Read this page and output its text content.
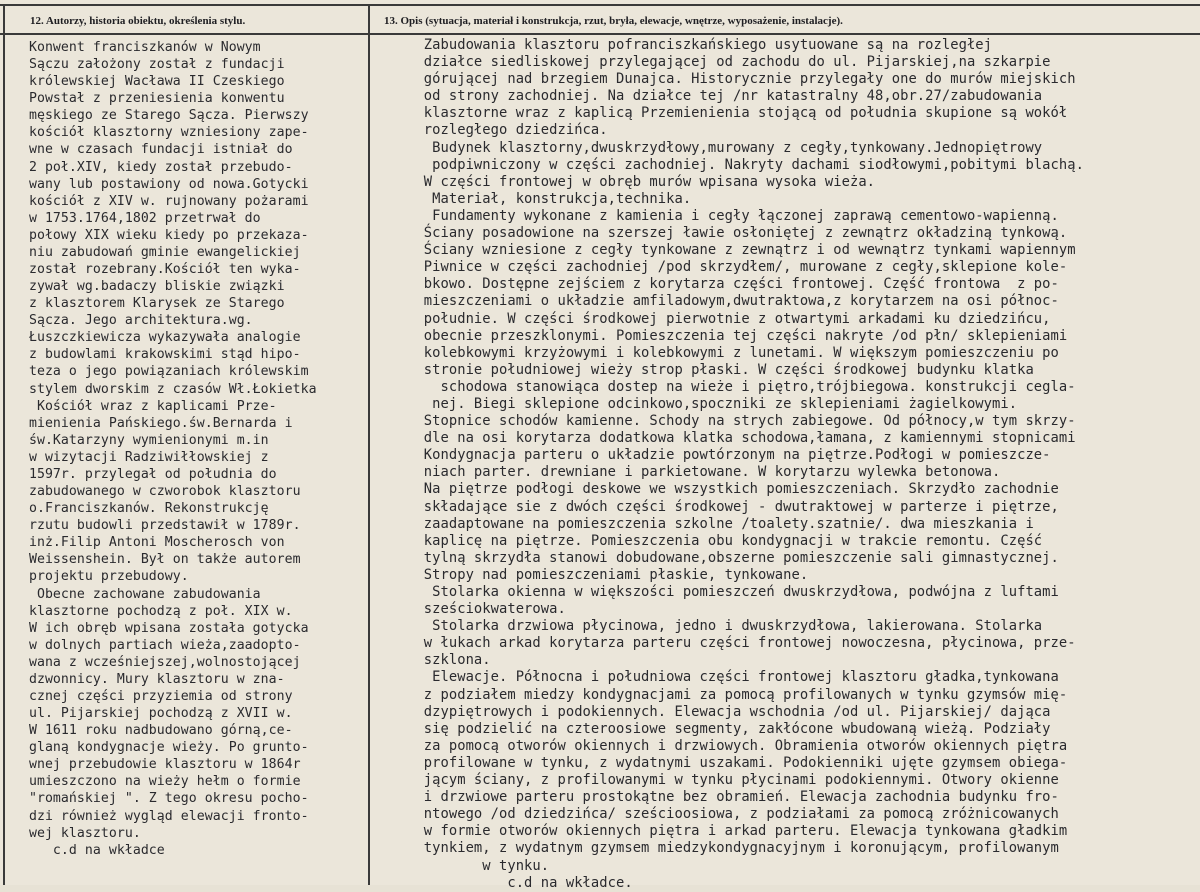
12. Autorzy, historia obiektu, określenia stylu.	13. Opis (sytuacja, materiał i konstrukcja, rzut, bryła, elewacje, wnętrze, wyposażenie, instalacje).
Konwent franciszkanów w Nowym
Sączu założony został z fundacji
królewskiej Wacława II Czeskiego
Powstał z przeniesienia konwentu
męskiego ze Starego Sącza. Pierwszy
kościół klasztorny wzniesiony zape-
wne w czasach fundacji istniał do
2 poł.XIV, kiedy został przebudo-
wany lub postawiony od nowa.Gotycki
kościół z XIV w. rujnowany pożarami
w 1753.1764,1802 przetrwał do
połowy XIX wieku kiedy po przekaza-
niu zabudowań gminie ewangelickiej
został rozebrany.Kościół ten wyka-
zywał wg.badaczy bliskie związki
z klasztorem Klarysek ze Starego
Sącza. Jego architektura.wg.
Łuszczkiewicza wykazywała analogie
z budowlami krakowskimi stąd hipo-
teza o jego powiązaniach królewskim
stylem dworskim z czasów Wł.Łokietka
Kościół wraz z kaplicami Prze-
mienienia Pańskiego.św.Bernarda i
św.Katarzyny wymienionymi m.in
w wizytacji Radziwiłłowskiej z
1597r. przylegał od południa do
zabudowanego w czworobok klasztoru
o.Franciszkanów. Rekonstrukcję
rzutu budowli przedstawił w 1789r.
inż.Filip Antoni Moscherosch von
Weissenshein. Był on także autorem
projektu przebudowy.
Obecne zachowane zabudowania
klasztorne pochodzą z poł. XIX w.
W ich obręb wpisana została gotycka
w dolnych partiach wieża,zaadopto-
wana z wcześniejszej,wolnostojącej
dzwonnicy. Mury klasztoru w zna-
cznej części przyziemia od strony
ul. Pijarskiej pochodzą z XVII w.
W 1611 roku nadbudowano górną,ce-
glaną kondygnacje wieży. Po grunto-
wnej przebudowie klasztoru w 1864r
umieszczono na wieży hełm o formie
"romańskiej ". Z tego okresu pocho-
dzi również wygląd elewacji fronto-
wej klasztoru.
c.d na wkładce
Zabudowania klasztoru pofranciszkańskiego usytuowane są na rozległej
działce siedliskowej przylegającej od zachodu do ul. Pijarskiej,na szkarpie
górującej nad brzegiem Dunajca. Historycznie przylegały one do murów miejskich
od strony zachodniej. Na działce tej /nr katastralny 48,obr.27/zabudowania
klasztorne wraz z kaplicą Przemienienia stojącą od południa skupione są wokół
rozległego dziedzińca.
Budynek klasztorny,dwuskrzydłowy,murowany z cegły,tynkowany.Jednopiętrowy
podpiwniczony w części zachodniej. Nakryty dachami siodłowymi,pobitymi blachą.
W części frontowej w obręb murów wpisana wysoka wieża.
Materiał, konstrukcja,technika.
Fundamenty wykonane z kamienia i cegły łączonej zaprawą cementowo-wapienną.
Ściany posadowione na szerszej ławie osłoniętej z zewnątrz okładziną tynkową.
Ściany wzniesione z cegły tynkowane z zewnątrz i od wewnątrz tynkami wapiennym
Piwnice w części zachodniej /pod skrzydłem/, murowane z cegły,sklepione kole-
bkowo. Dostępne zejściem z korytarza części frontowej. Część frontowa  z po-
mieszczeniami o układzie amfiladowym,dwutraktowa,z korytarzem na osi północ-
południe. W części środkowej pierwotnie z otwartymi arkadami ku dziedzińcu,
obecnie przeszklonymi. Pomieszczenia tej części nakryte /od płn/ sklepieniami
kolebkowymi krzyżowymi i kolebkowymi z lunetami. W większym pomieszczeniu po
stronie południowej wieży strop płaski. W części środkowej budynku klatka
schodowa stanowiąca dostep na wieże i piętro,trójbiegowa. konstrukcji cegla-
nej. Biegi sklepione odcinkowo,spoczniki ze sklepieniami żagielkowymi.
Stopnice schodów kamienne. Schody na strych zabiegowe. Od północy,w tym skrzy-
dle na osi korytarza dodatkowa klatka schodowa,łamana, z kamiennymi stopnicami
Kondygnacja parteru o układzie powtórzonym na piętrze.Podłogi w pomieszcze-
niach parter. drewniane i parkietowane. W korytarzu wylewka betonowa.
Na piętrze podłogi deskowe we wszystkich pomieszczeniach. Skrzydło zachodnie
składające sie z dwóch części środkowej - dwutraktowej w parterze i piętrze,
zaadaptowane na pomieszczenia szkolne /toalety.szatnie/. dwa mieszkania i
kaplicę na piętrze. Pomieszczenia obu kondygnacji w trakcie remontu. Część
tylną skrzydła stanowi dobudowane,obszerne pomieszczenie sali gimnastycznej.
Stropy nad pomieszczeniami płaskie, tynkowane.
Stolarka okienna w większości pomieszczeń dwuskrzydłowa, podwójna z luftami
sześciokwaterowa.
Stolarka drzwiowa płycinowa, jedno i dwuskrzydłowa, lakierowana. Stolarka
w łukach arkad korytarza parteru części frontowej nowoczesna, płycinowa, prze-
szklona.
Elewacje. Północna i południowa części frontowej klasztoru gładka,tynkowana
z podziałem miedzy kondygnacjami za pomocą profilowanych w tynku gzymsów mię-
dzypiętrowych i podokiennych. Elewacja wschodnia /od ul. Pijarskiej/ dająca
się podzielić na czteroosiowe segmenty, zakłócone wbudowaną wieżą. Podziały
za pomocą otworów okiennych i drzwiowych. Obramienia otworów okiennych piętra
profilowane w tynku, z wydatnymi uszakami. Podokienniki ujęte gzymsem obiega-
jącym ściany, z profilowanymi w tynku płycinami podokiennymi. Otwory okienne
i drzwiowe parteru prostokątne bez obramień. Elewacja zachodnia budynku fro-
ntowego /od dziedzińca/ sześcioosiowa, z podziałami za pomocą zróżnicowanych
w formie otworów okiennych piętra i arkad parteru. Elewacja tynkowana gładkim
tynkiem, z wydatnym gzymsem miedzykondygnacyjnym i koronującym, profilowanym
w tynku.
c.d na wkładce.
